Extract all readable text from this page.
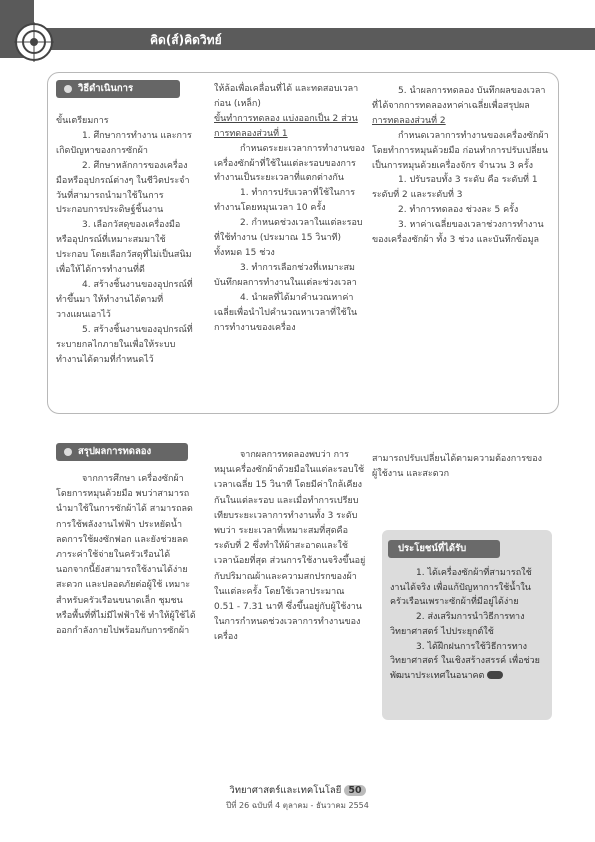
คิด(ส์)คิดวิทย์
วิธีดำเนินการ

ขั้นเตรียมการ

1. ศึกษาการทำงาน และการเกิดปัญหาของการซักผ้า

2. ศึกษาหลักการของเครื่องมือหรืออุปกรณ์ต่างๆ ในชีวิตประจำวันที่สามารถนำมาใช้ในการประกอบการประดิษฐ์ชิ้นงาน

3. เลือกวัสดุของเครื่องมือหรืออุปกรณ์ที่เหมาะสมมาใช้ประกอบ โดยเลือกวัสดุที่ไม่เป็นสนิม เพื่อให้ได้การทำงานที่ดี

4. สร้างชิ้นงานของอุปกรณ์ที่ทำขึ้นมา ให้ทำงานได้ตามที่วางแผนเอาไว้

5. สร้างชิ้นงานของอุปกรณ์ที่ระบายกลไกภายในเพื่อให้ระบบทำงานได้ตามที่กำหนดไว้

ให้ล้อเพื่อเคลื่อนที่ได้ และทดสอบเวลาก่อน (เหล็ก)

ขั้นทำการทดลอง แบ่งออกเป็น 2 ส่วน

การทดลองส่วนที่ 1

กำหนดระยะเวลาการทำงานของเครื่องซักผ้าที่ใช้ในแต่ละรอบของการทำงานเป็นระยะเวลาที่แตกต่างกัน

1. ทำการปรับเวลาที่ใช้ในการทำงานโดยหมุนเวลา 10 ครั้ง

2. กำหนดช่วงเวลาในแต่ละรอบที่ใช้ทำงาน (ประมาณ 15 วินาที) ทั้งหมด 15 ช่วง

3. ทำการเลือกช่วงที่เหมาะสม บันทึกผลการทำงานในแต่ละช่วงเวลา

4. นำผลที่ได้มาคำนวณหาค่าเฉลี่ยเพื่อนำไปคำนวณหาเวลาที่ใช้ในการทำงานของเครื่อง

5. นำผลการทดลอง บันทึกผลของเวลาที่ได้จากการทดลองหาค่าเฉลี่ยเพื่อสรุปผล

การทดลองส่วนที่ 2

กำหนดเวลาการทำงานของเครื่องซักผ้า โดยทำการหมุนด้วยมือ ก่อนทำการปรับเปลี่ยนเป็นการหมุนด้วยเครื่องจักร จำนวน 3 ครั้ง

1. ปรับรอบทั้ง 3 ระดับ คือ ระดับที่ 1 ระดับที่ 2 และระดับที่ 3

2. ทำการทดลอง ช่วงละ 5 ครั้ง

3. หาค่าเฉลี่ยของเวลาช่วงการทำงานของเครื่องซักผ้า ทั้ง 3 ช่วง และบันทึกข้อมูล

สรุปผลการทดลอง

จากการศึกษา เครื่องซักผ้าโดยการหมุนด้วยมือ พบว่าสามารถนำมาใช้ในการซักผ้าได้ สามารถลดการใช้พลังงานไฟฟ้า ประหยัดน้ำ ลดการใช้ผงซักฟอก และยังช่วยลดภาระค่าใช้จ่ายในครัวเรือนได้ นอกจากนี้ยังสามารถใช้งานได้ง่าย สะดวก และปลอดภัยต่อผู้ใช้ เหมาะสำหรับครัวเรือนขนาดเล็ก ชุมชน หรือพื้นที่ที่ไม่มีไฟฟ้าใช้ ทำให้ผู้ใช้ได้ออกกำลังกายไปพร้อมกับการซักผ้า

จากผลการทดลองพบว่า การหมุนเครื่องซักผ้าด้วยมือในแต่ละรอบใช้เวลาเฉลี่ย 15 วินาที โดยมีค่าใกล้เคียงกันในแต่ละรอบ และเมื่อทำการเปรียบเทียบระยะเวลาการทำงานทั้ง 3 ระดับ พบว่า ระยะเวลาที่เหมาะสมที่สุดคือ ระดับที่ 2 ซึ่งทำให้ผ้าสะอาดและใช้เวลาน้อยที่สุด ส่วนการใช้งานจริงขึ้นอยู่กับปริมาณผ้าและความสกปรกของผ้าในแต่ละครั้ง โดยใช้เวลาประมาณ 0.51 - 7.31 นาที ซึ่งขึ้นอยู่กับผู้ใช้งานในการกำหนดช่วงเวลาการทำงานของเครื่อง

สามารถปรับเปลี่ยนได้ตามความต้องการของผู้ใช้งาน และสะดวก

ประโยชน์ที่ได้รับ

1. ได้เครื่องซักผ้าที่สามารถใช้งานได้จริง เพื่อแก้ปัญหาการใช้น้ำในครัวเรือนเพราะซักผ้าที่มีอยู่ได้ง่าย

2. ส่งเสริมการนำวิธีการทางวิทยาศาสตร์ ไปประยุกต์ใช้

3. ได้ฝึกฝนการใช้วิธีการทางวิทยาศาสตร์ ในเชิงสร้างสรรค์ เพื่อช่วยพัฒนาประเทศในอนาคต

วิทยาศาสตร์และเทคโนโลยี 50
ปีที่ 26 ฉบับที่ 4 ตุลาคม - ธันวาคม 2554
